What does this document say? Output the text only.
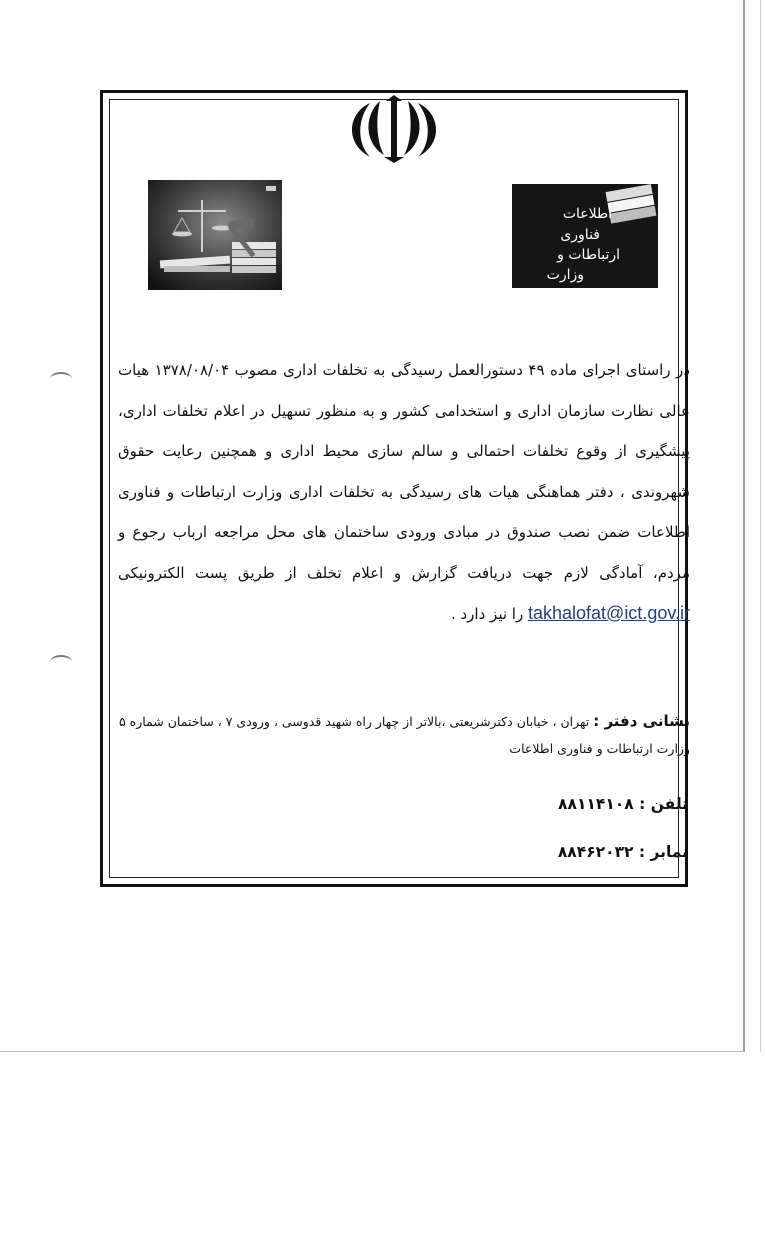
اطلاعات
فناوری
ارتباطات و
وزارت
در راستای اجرای ماده ۴۹ دستورالعمل رسیدگی به تخلفات اداری مصوب ۱۳۷۸/۰۸/۰۴ هیات عالی نظارت سازمان اداری و استخدامی کشور و به منظور تسهیل در اعلام تخلفات اداری، پیشگیری از وقوع تخلفات احتمالی و سالم سازی محیط اداری و همچنین رعایت حقوق شهروندی ، دفتر هماهنگی هیات های رسیدگی به تخلفات اداری وزارت ارتباطات و فناوری اطلاعات ضمن نصب صندوق در مبادی ورودی ساختمان های محل مراجعه ارباب رجوع و مردم، آمادگی لازم جهت دریافت گزارش و اعلام تخلف از طریق پست الکترونیکی takhalofat@ict.gov.ir را نیز دارد .
نشانی دفتر : تهران ، خیابان دکترشریعتی ،بالاتر از چهار راه شهید قدوسی ، ورودی ۷ ، ساختمان شماره ۵ وزارت ارتباطات و فناوری اطلاعات
تلفن : ۸۸۱۱۴۱۰۸
نمابر : ۸۸۴۶۲۰۳۲
